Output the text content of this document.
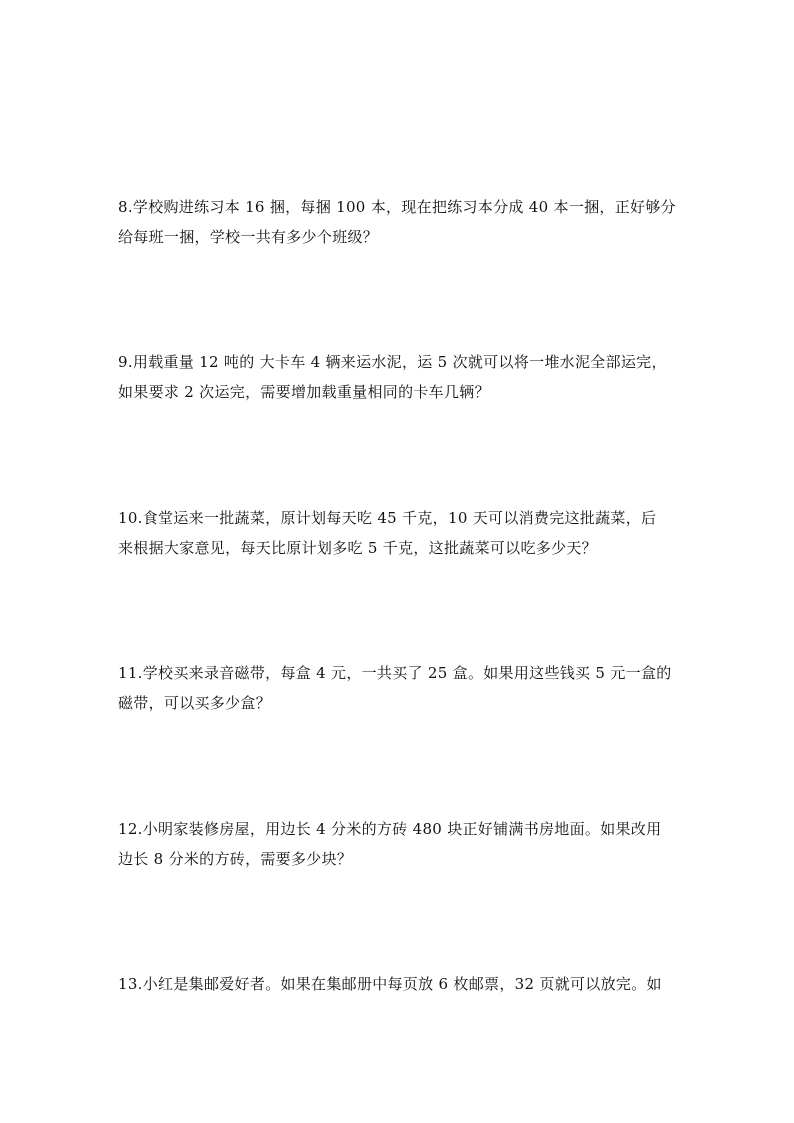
8.学校购进练习本 16 捆，每捆 100 本，现在把练习本分成 40 本一捆，正好够分
给每班一捆，学校一共有多少个班级？
9.用载重量 12 吨的 大卡车 4 辆来运水泥，运 5 次就可以将一堆水泥全部运完，
如果要求 2 次运完，需要增加载重量相同的卡车几辆？
10.食堂运来一批蔬菜，原计划每天吃 45 千克，10 天可以消费完这批蔬菜，后
来根据大家意见，每天比原计划多吃 5 千克，这批蔬菜可以吃多少天？
11.学校买来录音磁带，每盒 4 元，一共买了 25 盒。如果用这些钱买 5 元一盒的
磁带，可以买多少盒？
12.小明家装修房屋，用边长 4 分米的方砖 480 块正好铺满书房地面。如果改用
边长 8 分米的方砖，需要多少块？
13.小红是集邮爱好者。如果在集邮册中每页放 6 枚邮票，32 页就可以放完。如
